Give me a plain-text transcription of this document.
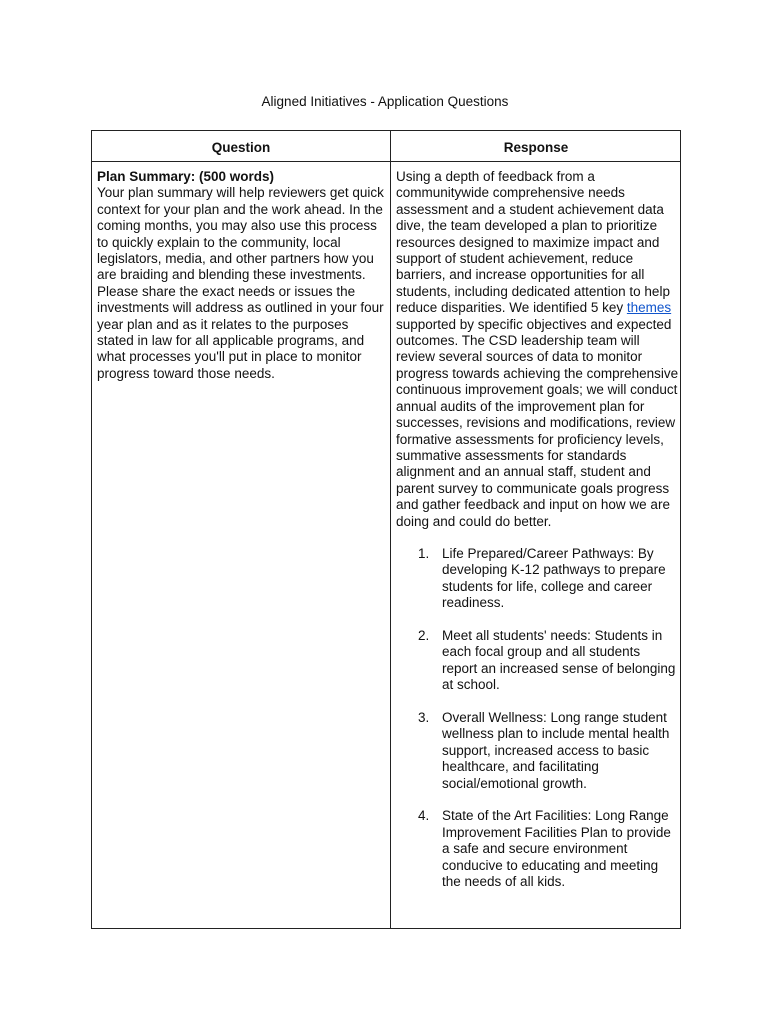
Aligned Initiatives - Application Questions
Question	Response
Plan Summary: (500 words)
Your plan summary will help reviewers get quick context for your plan and the work ahead. In the coming months, you may also use this process to quickly explain to the community, local legislators, media, and other partners how you are braiding and blending these investments. Please share the exact needs or issues the investments will address as outlined in your four year plan and as it relates to the purposes stated in law for all applicable programs, and what processes you'll put in place to monitor progress toward those needs.
Using a depth of feedback from a communitywide comprehensive needs assessment and a student achievement data dive, the team developed a plan to prioritize resources designed to maximize impact and support of student achievement, reduce barriers, and increase opportunities for all students, including dedicated attention to help reduce disparities. We identified 5 key themes supported by specific objectives and expected outcomes. The CSD leadership team will review several sources of data to monitor progress towards achieving the comprehensive continuous improvement goals; we will conduct annual audits of the improvement plan for successes, revisions and modifications, review formative assessments for proficiency levels, summative assessments for standards alignment and an annual staff, student and parent survey to communicate goals progress and gather feedback and input on how we are doing and could do better.
1. Life Prepared/Career Pathways: By developing K-12 pathways to prepare students for life, college and career readiness.
2. Meet all students' needs: Students in each focal group and all students report an increased sense of belonging at school.
3. Overall Wellness: Long range student wellness plan to include mental health support, increased access to basic healthcare, and facilitating social/emotional growth.
4. State of the Art Facilities: Long Range Improvement Facilities Plan to provide a safe and secure environment conducive to educating and meeting the needs of all kids.
